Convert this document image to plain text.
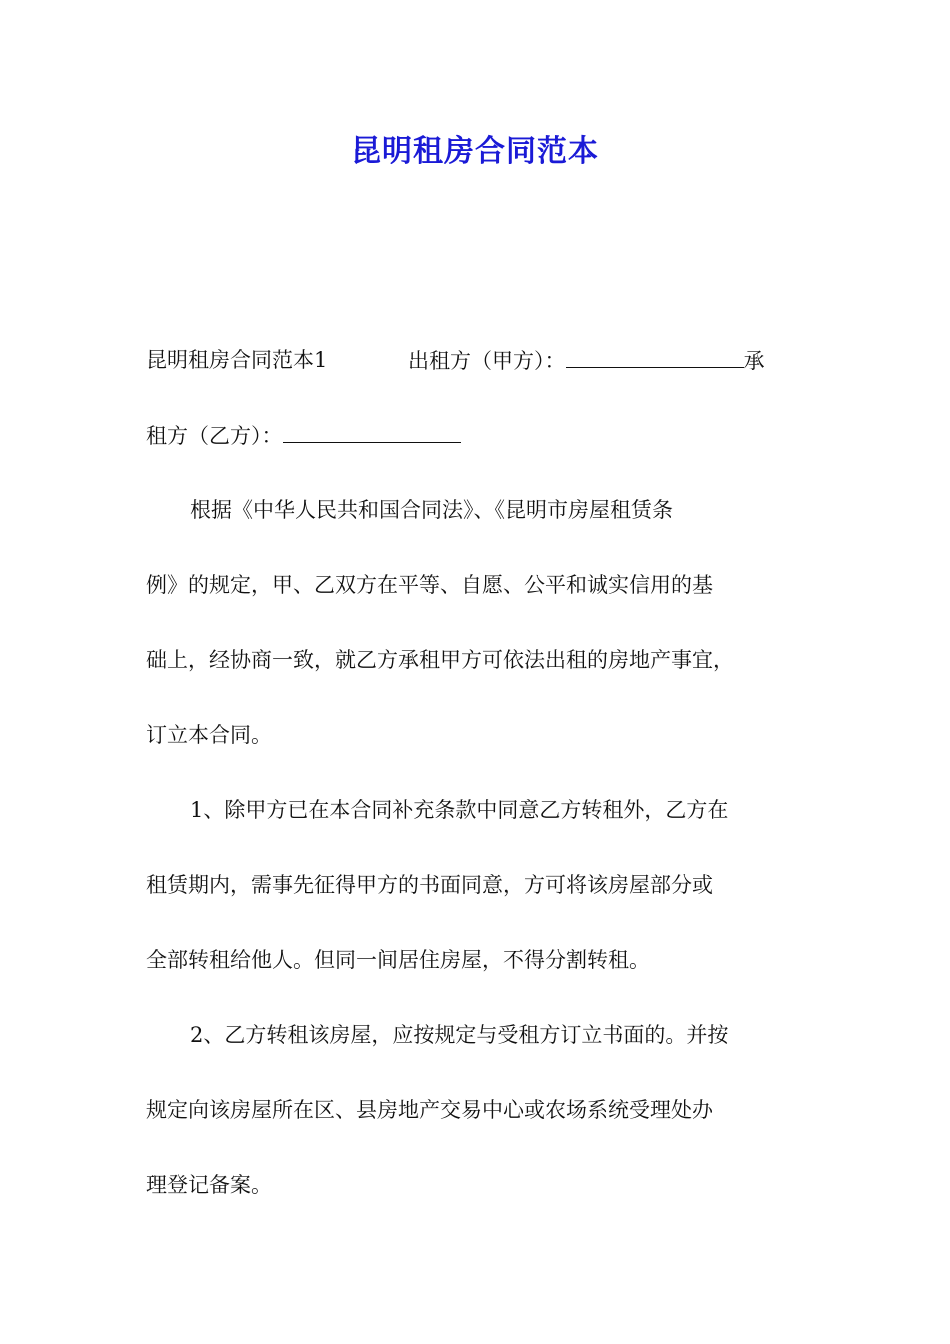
昆明租房合同范本
昆明租房合同范本1	出租方（甲方）：	承
租方（乙方）：
根据《中华人民共和国合同法》、《昆明市房屋租赁条
例》的规定，甲、乙双方在平等、自愿、公平和诚实信用的基
础上，经协商一致，就乙方承租甲方可依法出租的房地产事宜，
订立本合同。
1、除甲方已在本合同补充条款中同意乙方转租外，乙方在
租赁期内，需事先征得甲方的书面同意，方可将该房屋部分或
全部转租给他人。但同一间居住房屋，不得分割转租。
2、乙方转租该房屋，应按规定与受租方订立书面的。并按
规定向该房屋所在区、县房地产交易中心或农场系统受理处办
理登记备案。
